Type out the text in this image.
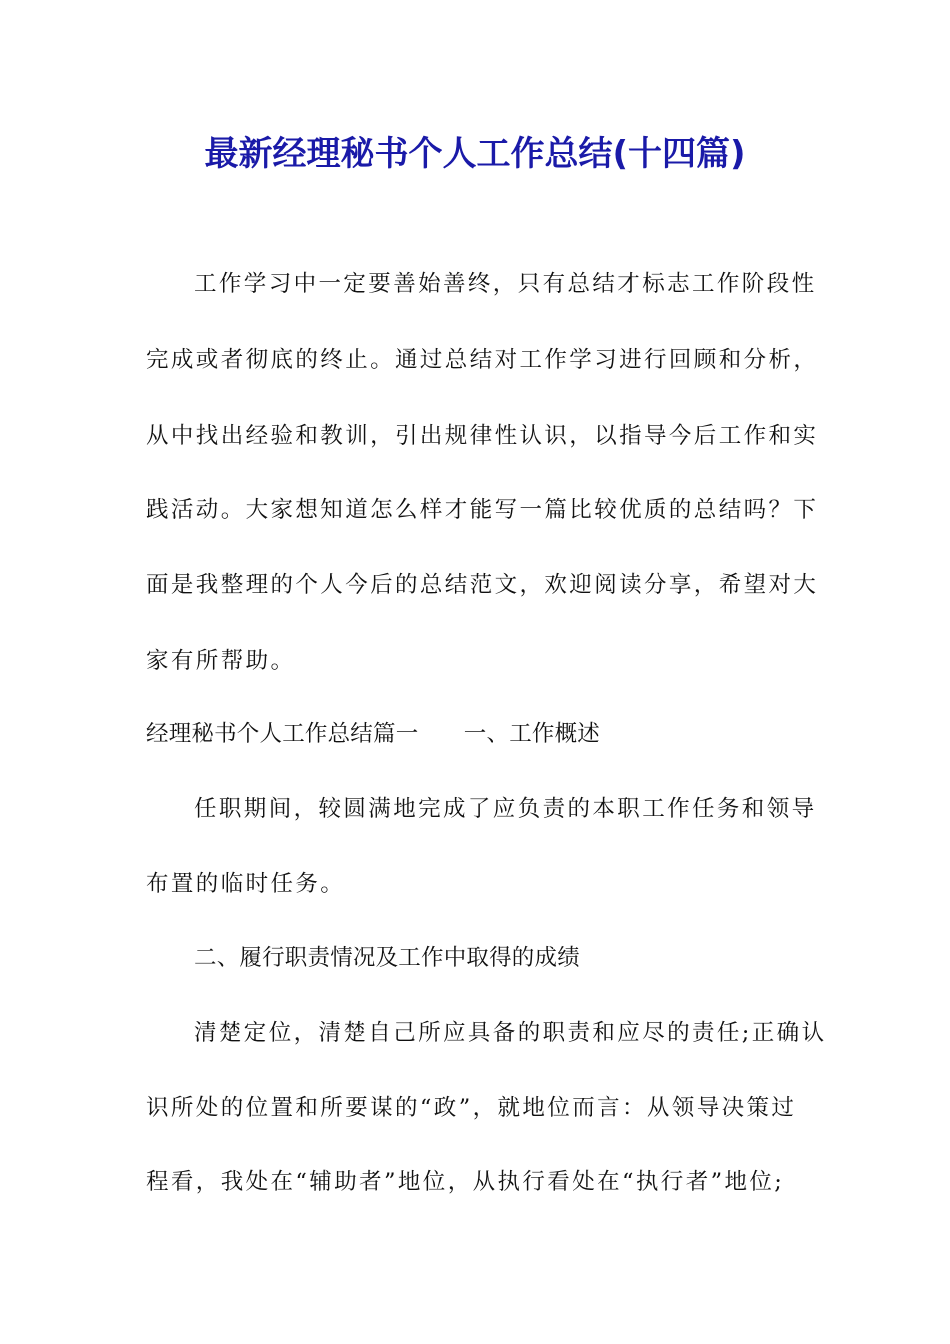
最新经理秘书个人工作总结(十四篇)
工作学习中一定要善始善终，只有总结才标志工作阶段性
完成或者彻底的终止。通过总结对工作学习进行回顾和分析，
从中找出经验和教训，引出规律性认识，以指导今后工作和实
践活动。大家想知道怎么样才能写一篇比较优质的总结吗？下
面是我整理的个人今后的总结范文，欢迎阅读分享，希望对大
家有所帮助。
经理秘书个人工作总结篇一　　一、工作概述
任职期间，较圆满地完成了应负责的本职工作任务和领导
布置的临时任务。
二、履行职责情况及工作中取得的成绩
清楚定位，清楚自己所应具备的职责和应尽的责任;正确认
识所处的位置和所要谋的“政”，就地位而言：从领导决策过
程看，我处在“辅助者”地位，从执行看处在“执行者”地位;
